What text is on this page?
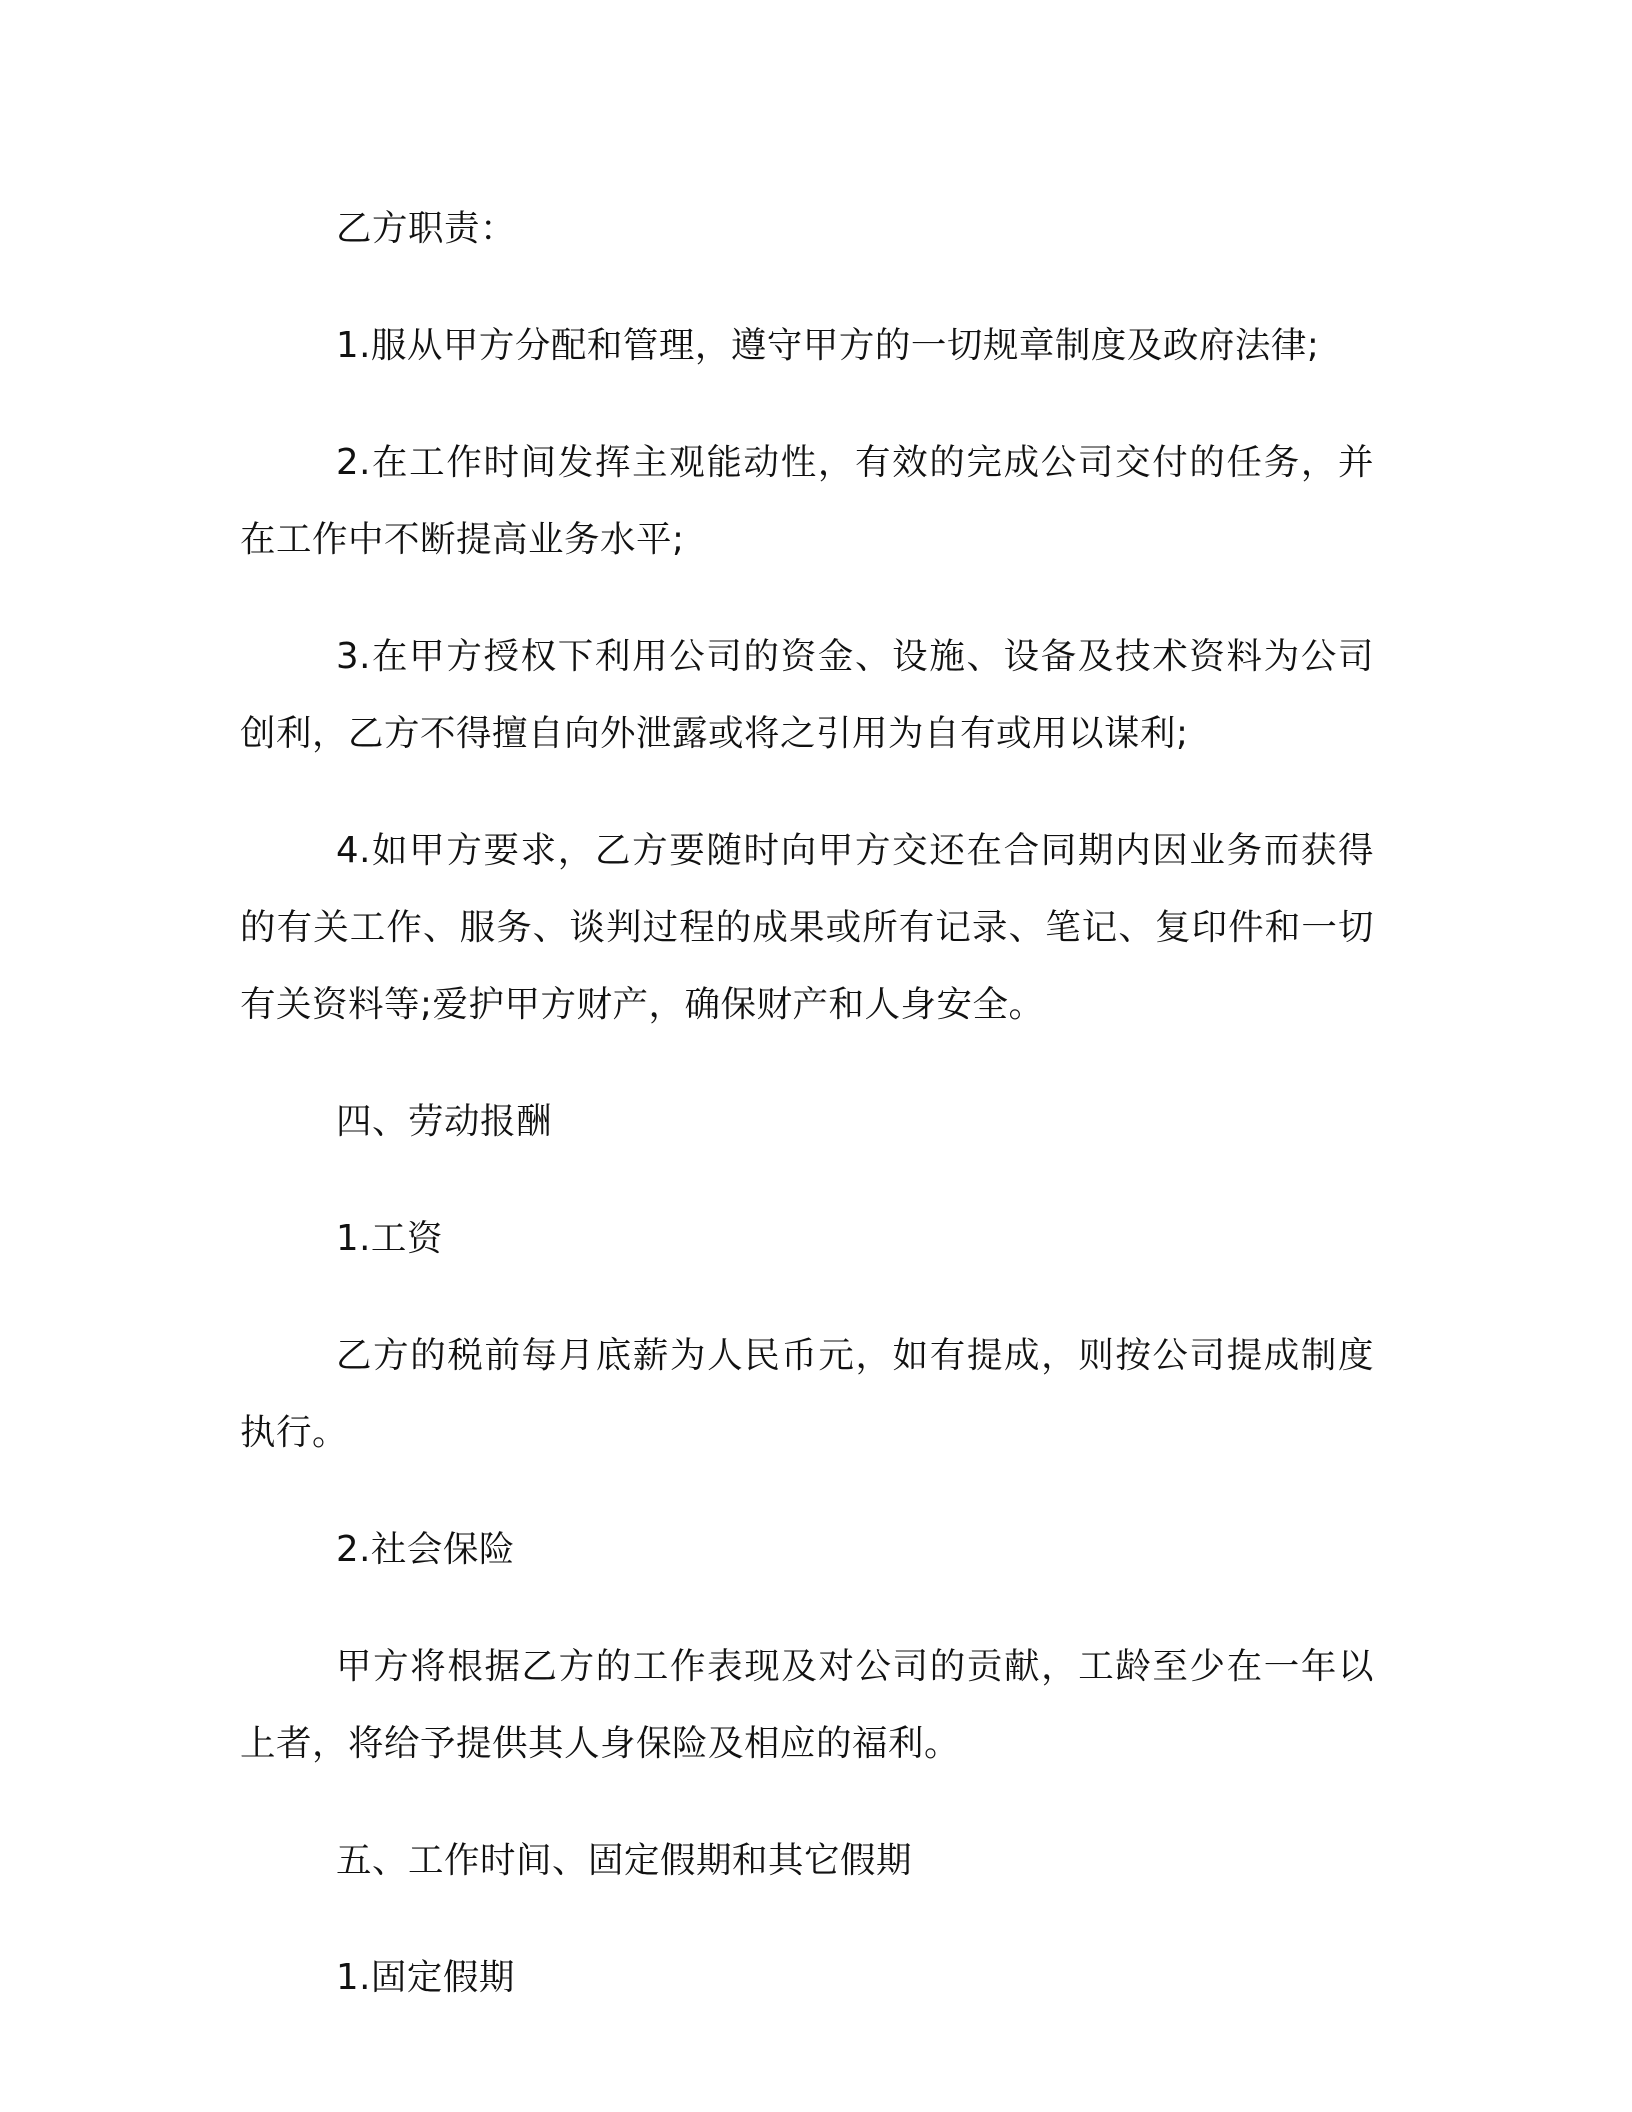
乙方职责：

1.服从甲方分配和管理，遵守甲方的一切规章制度及政府法律;

2.在工作时间发挥主观能动性，有效的完成公司交付的任务，并在工作中不断提高业务水平;

3.在甲方授权下利用公司的资金、设施、设备及技术资料为公司创利，乙方不得擅自向外泄露或将之引用为自有或用以谋利;

4.如甲方要求，乙方要随时向甲方交还在合同期内因业务而获得的有关工作、服务、谈判过程的成果或所有记录、笔记、复印件和一切有关资料等;爱护甲方财产，确保财产和人身安全。

四、劳动报酬

1.工资

乙方的税前每月底薪为人民币元，如有提成，则按公司提成制度执行。

2.社会保险

甲方将根据乙方的工作表现及对公司的贡献，工龄至少在一年以上者，将给予提供其人身保险及相应的福利。

五、工作时间、固定假期和其它假期

1.固定假期
